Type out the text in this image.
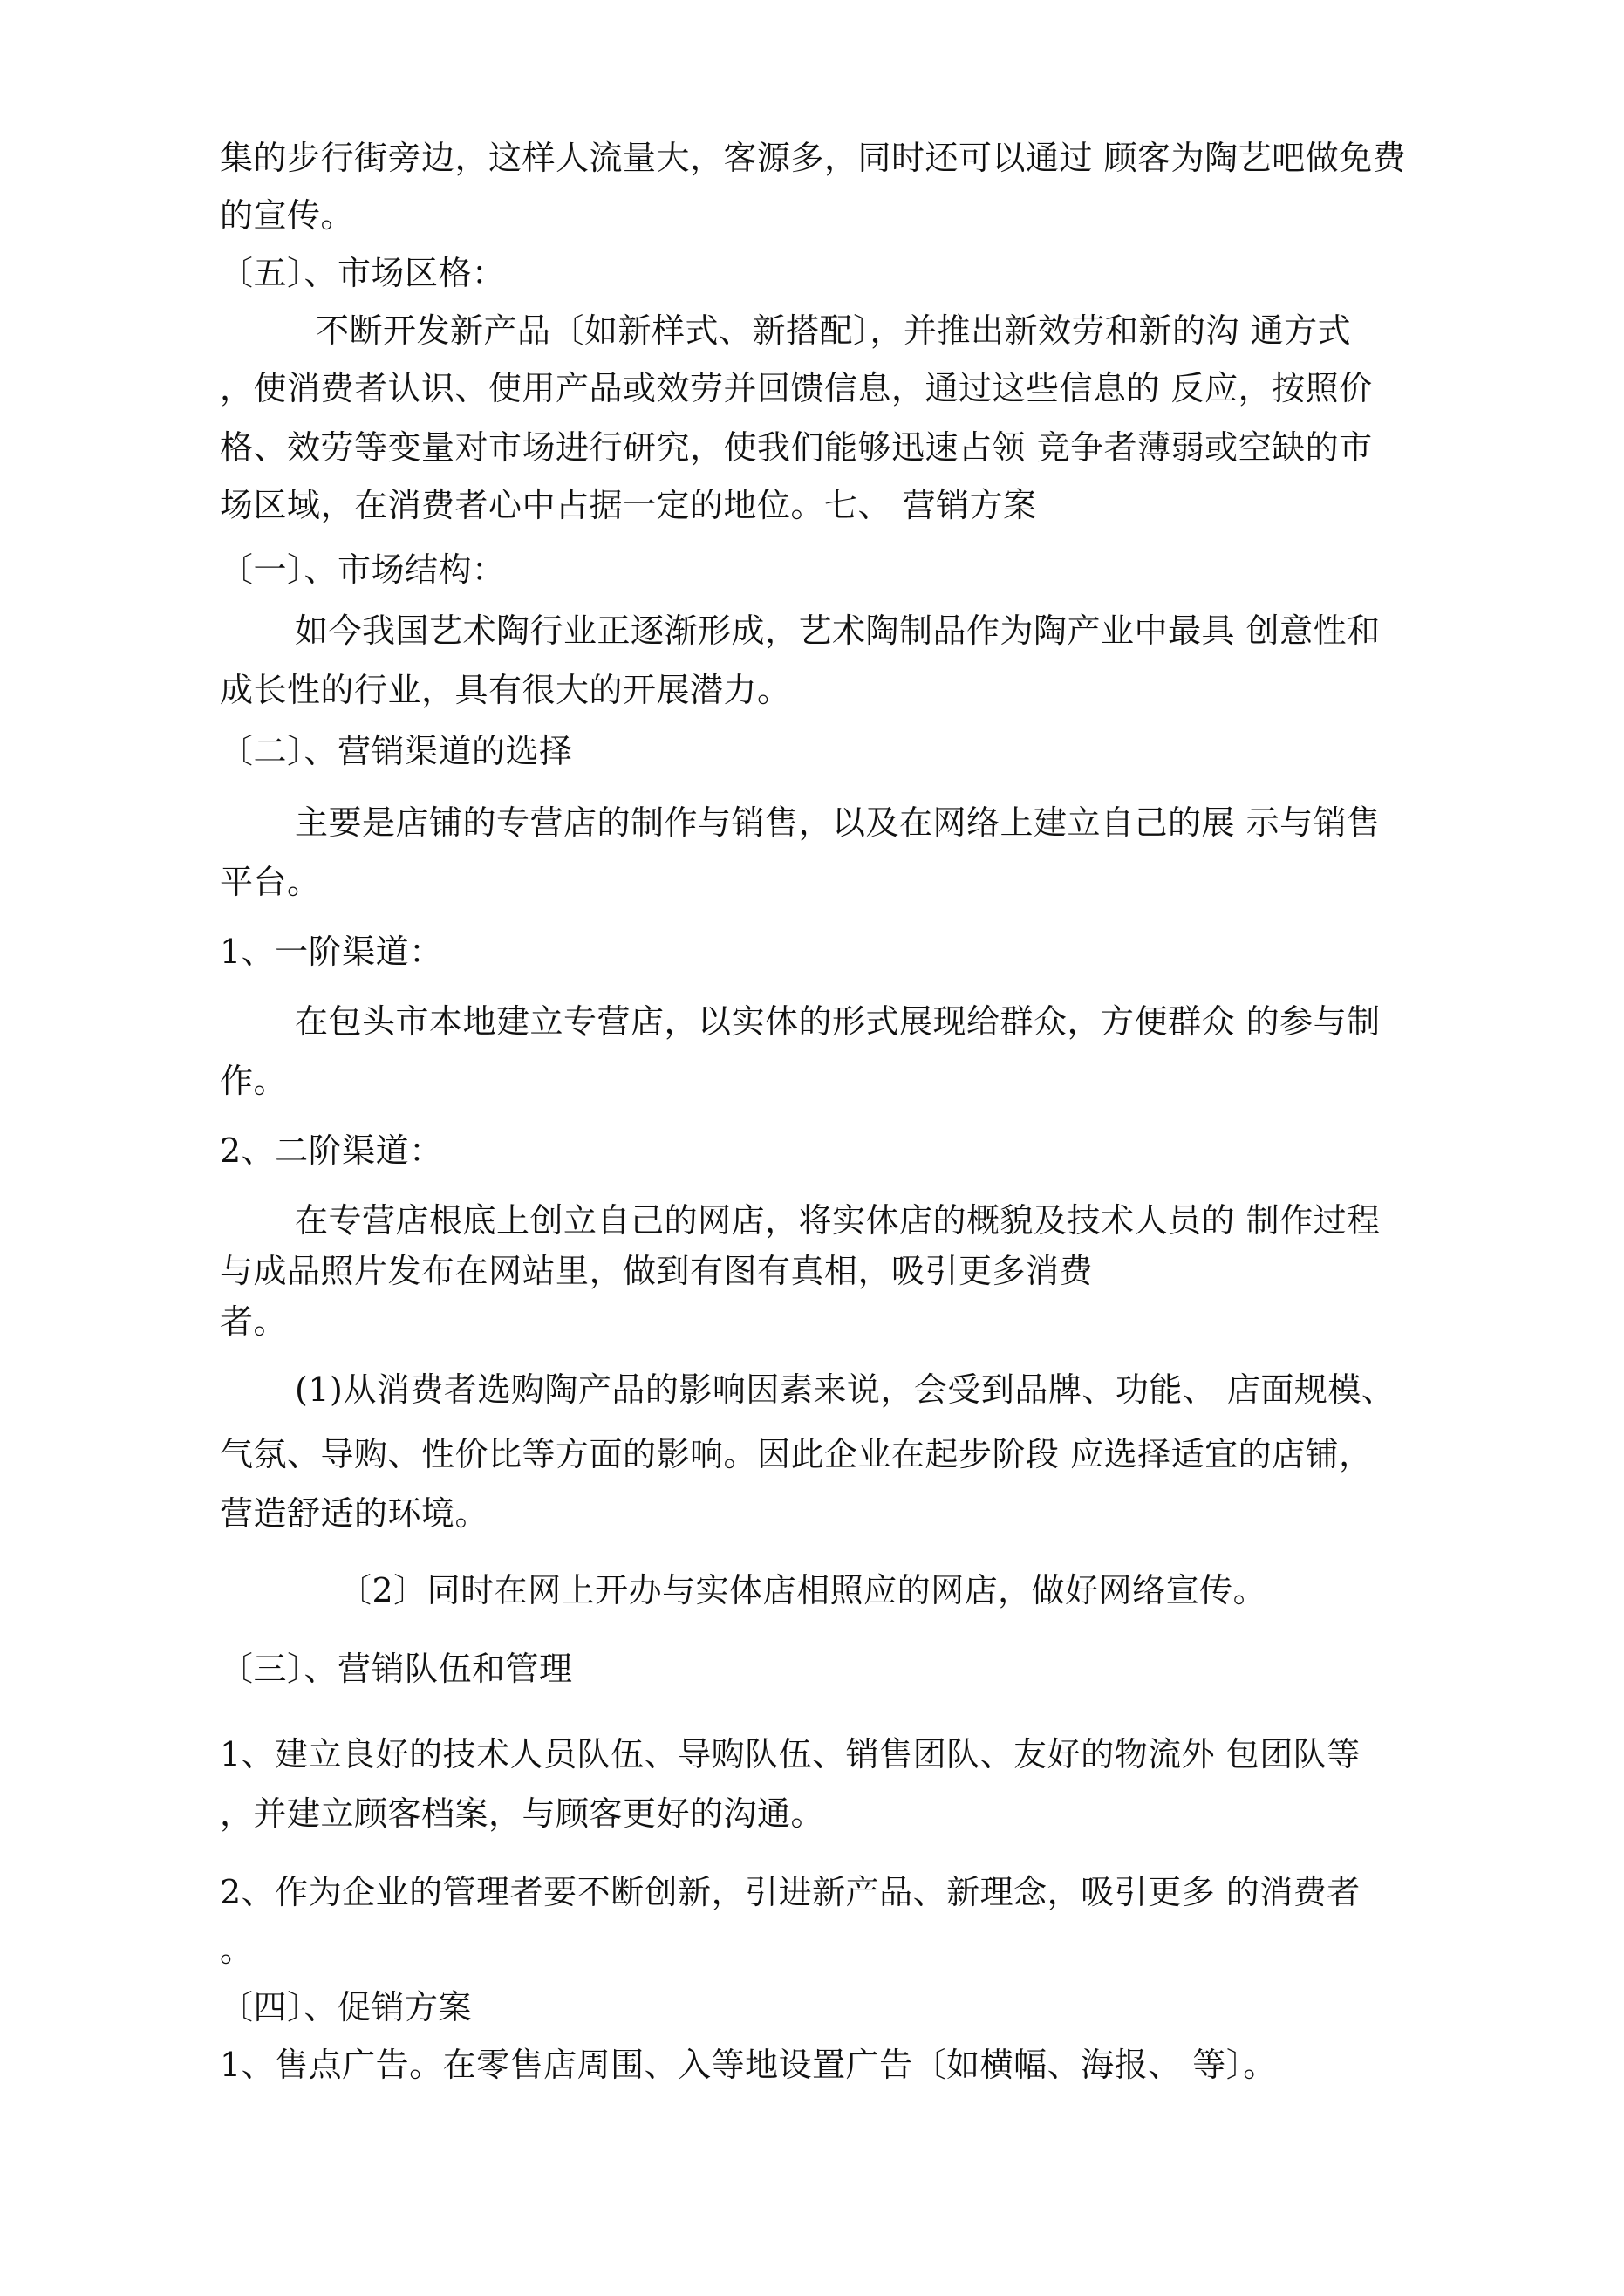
集的步行街旁边，这样人流量大，客源多，同时还可以通过 顾客为陶艺吧做免费
的宣传。
〔五〕、市场区格：
不断开发新产品〔如新样式、新搭配〕，并推出新效劳和新的沟 通方式
，使消费者认识、使用产品或效劳并回馈信息，通过这些信息的 反应，按照价
格、效劳等变量对市场进行研究，使我们能够迅速占领 竞争者薄弱或空缺的市
场区域，在消费者心中占据一定的地位。七、 营销方案
〔一〕、市场结构：
如今我国艺术陶行业正逐渐形成，艺术陶制品作为陶产业中最具 创意性和
成长性的行业，具有很大的开展潜力。
〔二〕、营销渠道的选择
主要是店铺的专营店的制作与销售，以及在网络上建立自己的展 示与销售
平台。
1、一阶渠道：
在包头市本地建立专营店，以实体的形式展现给群众，方便群众 的参与制
作。
2、二阶渠道：
在专营店根底上创立自己的网店，将实体店的概貌及技术人员的 制作过程
与成品照片发布在网站里，做到有图有真相，吸引更多消费
者。
(1)从消费者选购陶产品的影响因素来说，会受到品牌、功能、 店面规模、
气氛、导购、性价比等方面的影响。因此企业在起步阶段 应选择适宜的店铺，
营造舒适的环境。
〔2〕同时在网上开办与实体店相照应的网店，做好网络宣传。
〔三〕、营销队伍和管理
1、建立良好的技术人员队伍、导购队伍、销售团队、友好的物流外 包团队等
，并建立顾客档案，与顾客更好的沟通。
2、作为企业的管理者要不断创新，引进新产品、新理念，吸引更多 的消费者
。
〔四〕、促销方案
1、售点广告。在零售店周围、入等地设置广告〔如横幅、海报、 等〕。
